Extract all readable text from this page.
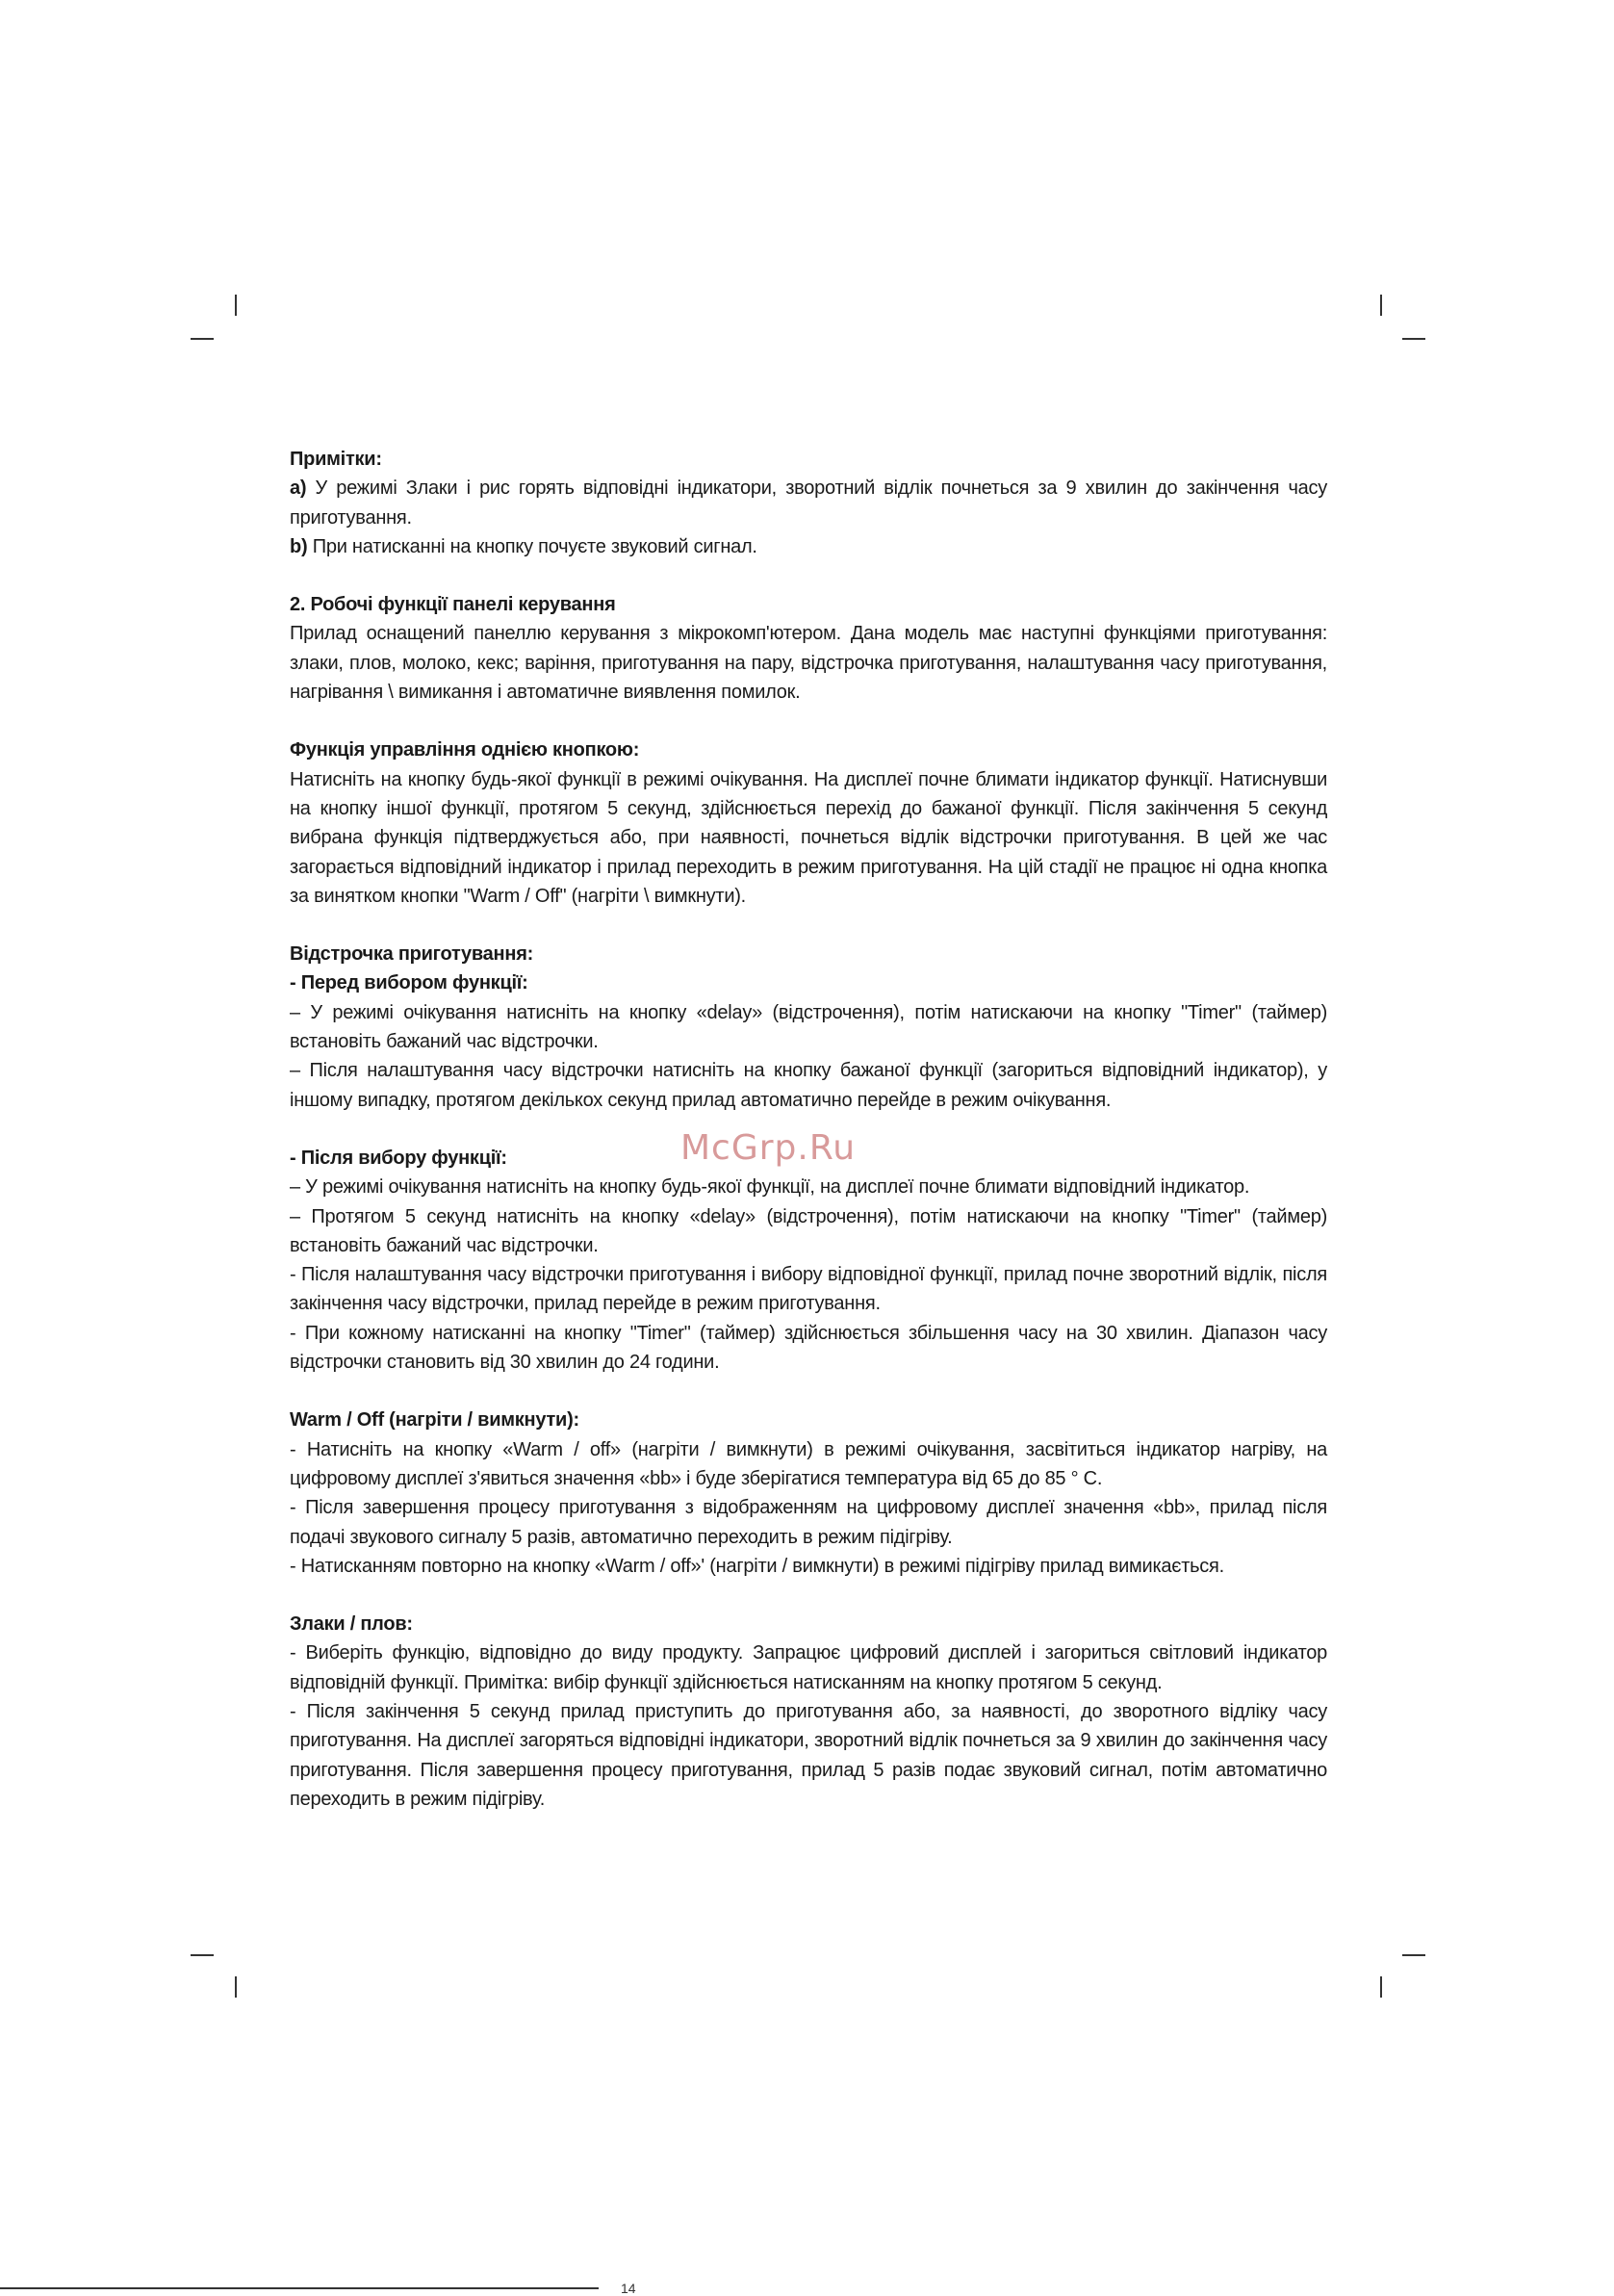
Примітки:

а) У режимі Злаки і рис горять відповідні індикатори, зворотний відлік почнеться за 9 хвилин до закінчення часу приготування.

b) При натисканні на кнопку почуєте звуковий сигнал.

2. Робочі функції панелі керування

Прилад оснащений панеллю керування з мікрокомп'ютером. Дана модель має наступні функціями приготування: злаки, плов, молоко, кекс; варіння, приготування на пару, відстрочка приготування, налаштування часу приготування, нагрівання \ вимикання і автоматичне виявлення помилок.

Функція управління однією кнопкою:

Натисніть на кнопку будь-якої функції в режимі очікування. На дисплеї почне блимати індикатор функції. Натиснувши на кнопку іншої функції, протягом 5 секунд, здійснюється перехід до бажаної функції. Після закінчення 5 секунд вибрана функція підтверджується або, при наявності, почнеться відлік відстрочки приготування. В цей же час загорається відповідний індикатор і прилад переходить в режим приготування. На цій стадії не працює ні одна кнопка за винятком кнопки "Warm / Off" (нагріти \ вимкнути).

Відстрочка приготування:

- Перед вибором функції:

– У режимі очікування натисніть на кнопку «delay» (відстрочення), потім натискаючи на кнопку "Timer" (таймер) встановіть бажаний час відстрочки.

– Після налаштування часу відстрочки натисніть на кнопку бажаної функції (загориться відповідний індикатор), у іншому випадку, протягом декількох секунд прилад автоматично перейде в режим очікування.

- Після вибору функції:

– У режимі очікування натисніть на кнопку будь-якої функції, на дисплеї почне блимати відповідний індикатор.

– Протягом 5 секунд натисніть на кнопку «delay» (відстрочення), потім натискаючи на кнопку "Timer" (таймер) встановіть бажаний час відстрочки.

- Після налаштування часу відстрочки приготування і вибору відповідної функції, прилад почне зворотний відлік, після закінчення часу відстрочки, прилад перейде в режим приготування.

- При кожному натисканні на кнопку "Timer" (таймер) здійснюється збільшення часу на 30 хвилин. Діапазон часу відстрочки становить від 30 хвилин до 24 години.

Warm / Off (нагріти / вимкнути):

- Натисніть на кнопку «Warm / off» (нагріти / вимкнути) в режимі очікування, засвітиться індикатор нагріву, на цифровому дисплеї з'явиться значення «bb» і буде зберігатися температура від 65 до 85 ° С.

- Після завершення процесу приготування з відображенням на цифровому дисплеї значення «bb», прилад після подачі звукового сигналу 5 разів, автоматично переходить в режим підігріву.

- Натисканням повторно на кнопку «Warm / off»' (нагріти / вимкнути) в режимі підігріву прилад вимикається.

Злаки / плов:

- Виберіть функцію, відповідно до виду продукту. Запрацює цифровий дисплей і загориться світловий індикатор відповідній функції. Примітка: вибір функції здійснюється натисканням на кнопку протягом 5 секунд.

- Після закінчення 5 секунд прилад приступить до приготування або, за наявності, до зворотного відліку часу приготування. На дисплеї загоряться відповідні індикатори, зворотний відлік почнеться за 9 хвилин до закінчення часу приготування. Після завершення процесу приготування, прилад 5 разів подає звуковий сигнал, потім автоматично переходить в режим підігріву.

McGrp.Ru
14
